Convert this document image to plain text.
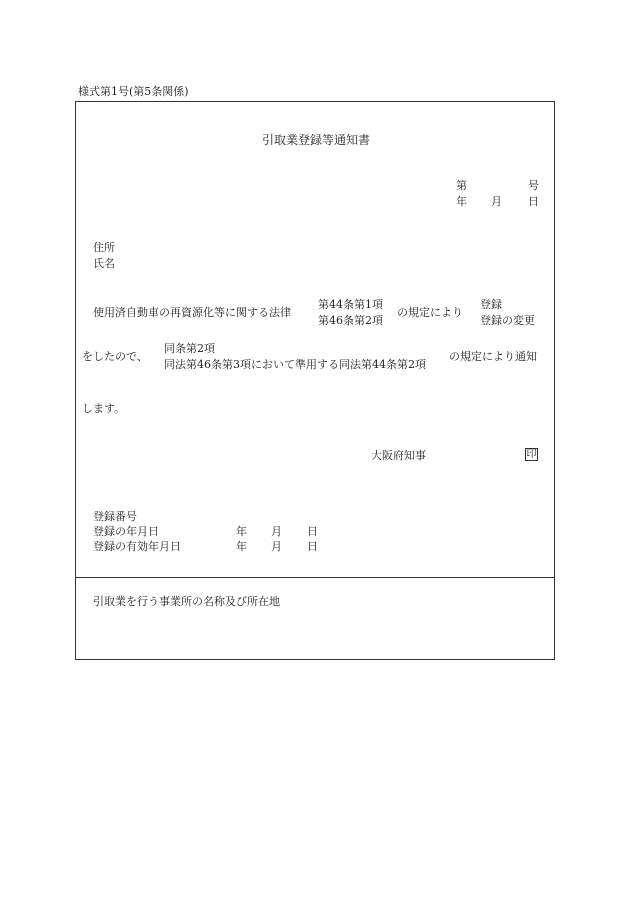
様式第1号(第5条関係)
引取業登録等通知書
第	号
年 月 日
住所
氏名
使用済自動車の再資源化等に関する法律
第44条第1項
第46条第2項
の規定により
登録
登録の変更
をしたので、
同条第2項
同法第46条第3項において準用する同法第44条第2項
の規定により通知
します。
大阪府知事	印
登録番号
登録の年月日	年 月 日
登録の有効年月日	年 月 日
引取業を行う事業所の名称及び所在地
